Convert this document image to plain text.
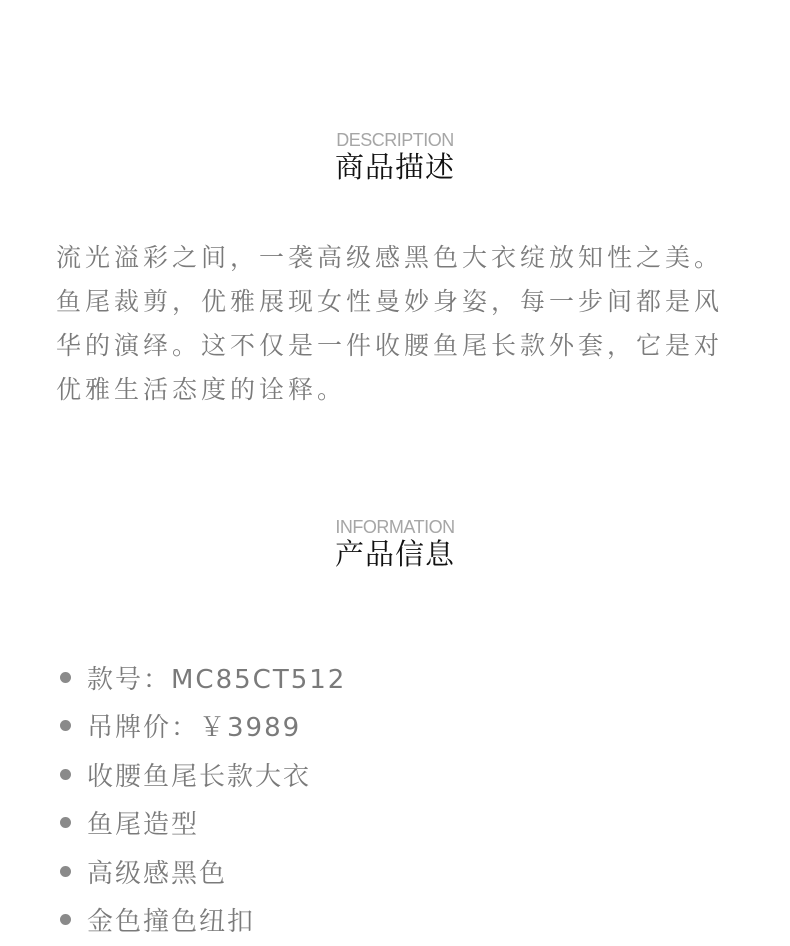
DESCRIPTION
商品描述

流光溢彩之间，一袭高级感黑色大衣绽放知性之美。鱼尾裁剪，优雅展现女性曼妙身姿，每一步间都是风华的演绎。这不仅是一件收腰鱼尾长款外套，它是对优雅生活态度的诠释。

INFORMATION
产品信息
款号：MC85CT512
吊牌价：￥3989
收腰鱼尾长款大衣
鱼尾造型
高级感黑色
金色撞色纽扣
